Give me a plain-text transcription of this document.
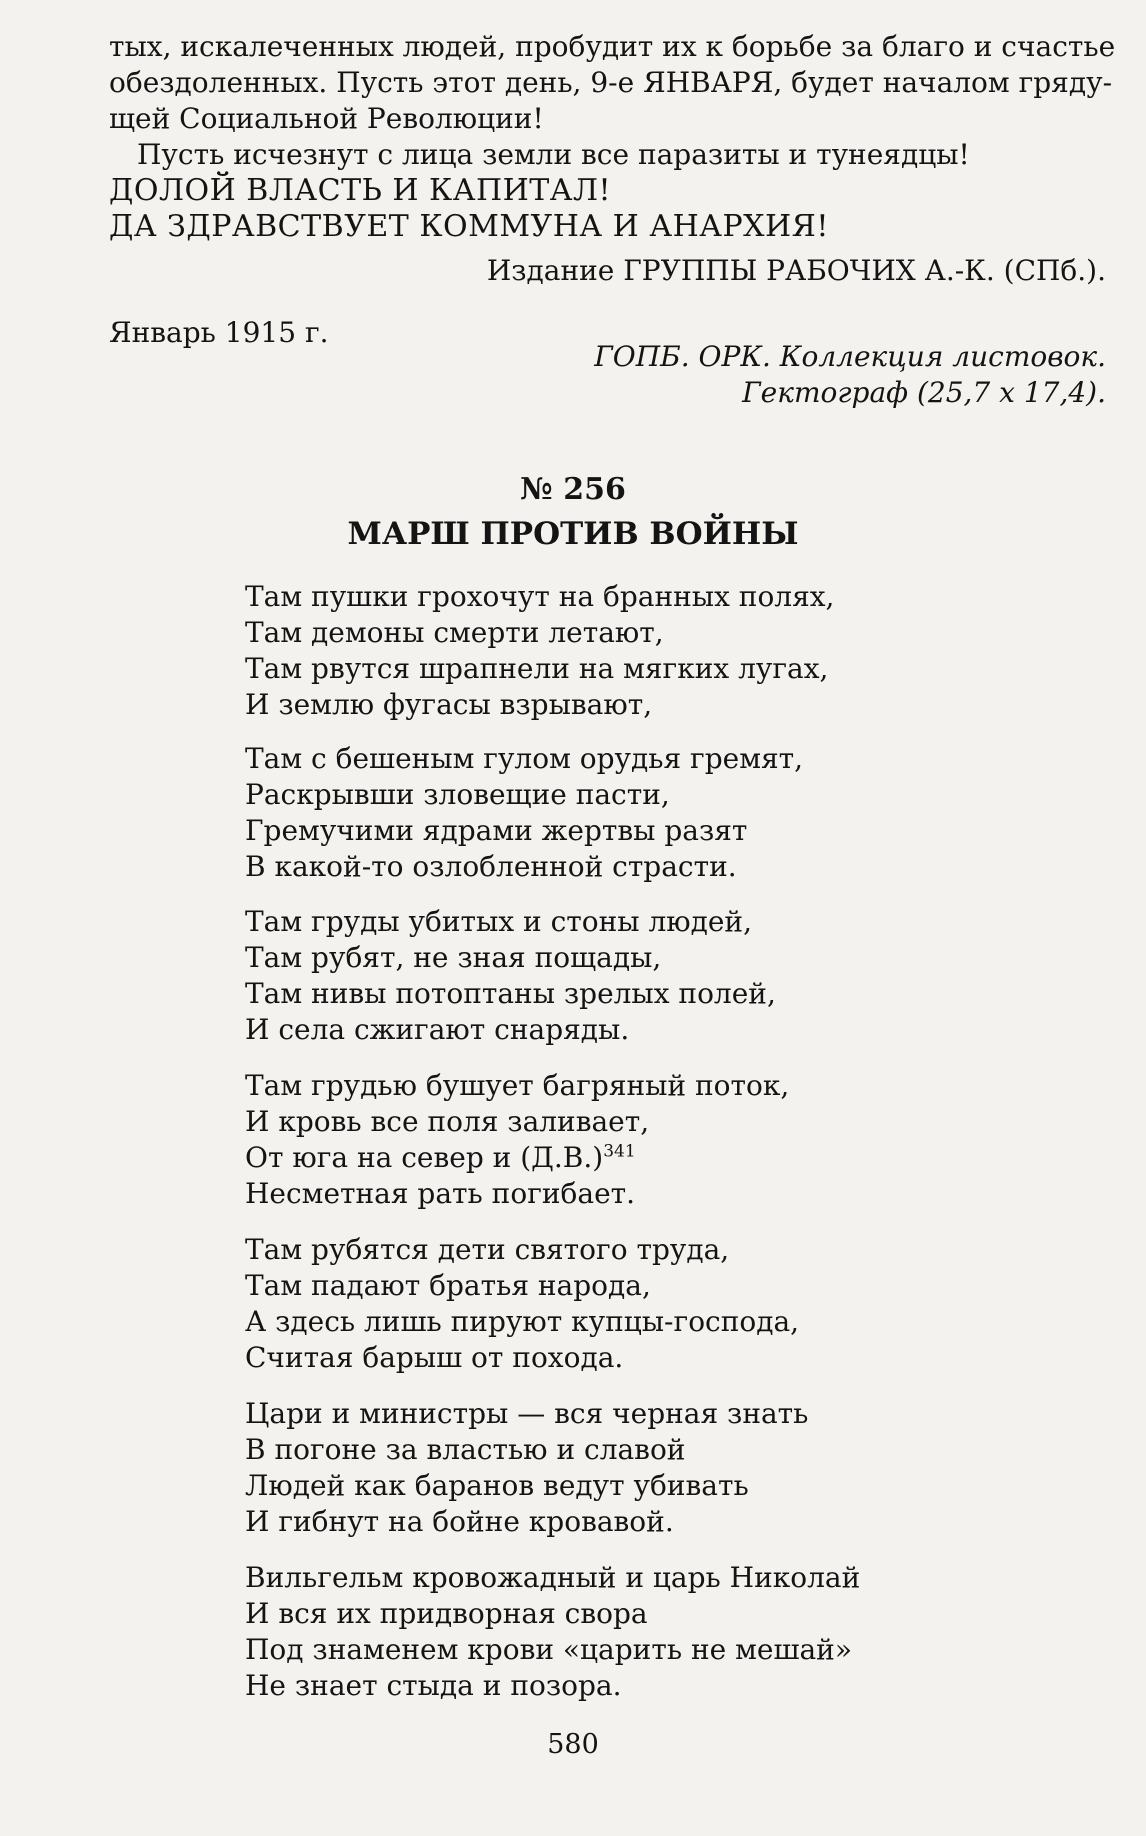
тых, искалеченных людей, пробудит их к борьбе за благо и счастье
обездоленных. Пусть этот день, 9-е ЯНВАРЯ, будет началом гряду-
щей Социальной Революции!
Пусть исчезнут с лица земли все паразиты и тунеядцы!
ДОЛОЙ ВЛАСТЬ И КАПИТАЛ!
ДА ЗДРАВСТВУЕТ КОММУНА И АНАРХИЯ!
Издание ГРУППЫ РАБОЧИХ А.-К. (СПб.).
Январь 1915 г.
ГОПБ. ОРК. Коллекция листовок.
Гектограф (25,7 х 17,4).
№ 256
МАРШ ПРОТИВ ВОЙНЫ
Там пушки грохочут на бранных полях,
Там демоны смерти летают,
Там рвутся шрапнели на мягких лугах,
И землю фугасы взрывают,
Там с бешеным гулом орудья гремят,
Раскрывши зловещие пасти,
Гремучими ядрами жертвы разят
В какой-то озлобленной страсти.
Там груды убитых и стоны людей,
Там рубят, не зная пощады,
Там нивы потоптаны зрелых полей,
И села сжигают снаряды.
Там грудью бушует багряный поток,
И кровь все поля заливает,
От юга на север и $(Д.В.)^{341}$
Несметная рать погибает.
Там рубятся дети святого труда,
Там падают братья народа,
А здесь лишь пируют купцы-господа,
Считая барыш от похода.
Цари и министры — вся черная знать
В погоне за властью и славой
Людей как баранов ведут убивать
И гибнут на бойне кровавой.
Вильгельм кровожадный и царь Николай
И вся их придворная свора
Под знаменем крови «царить не мешай»
Не знает стыда и позора.
580
